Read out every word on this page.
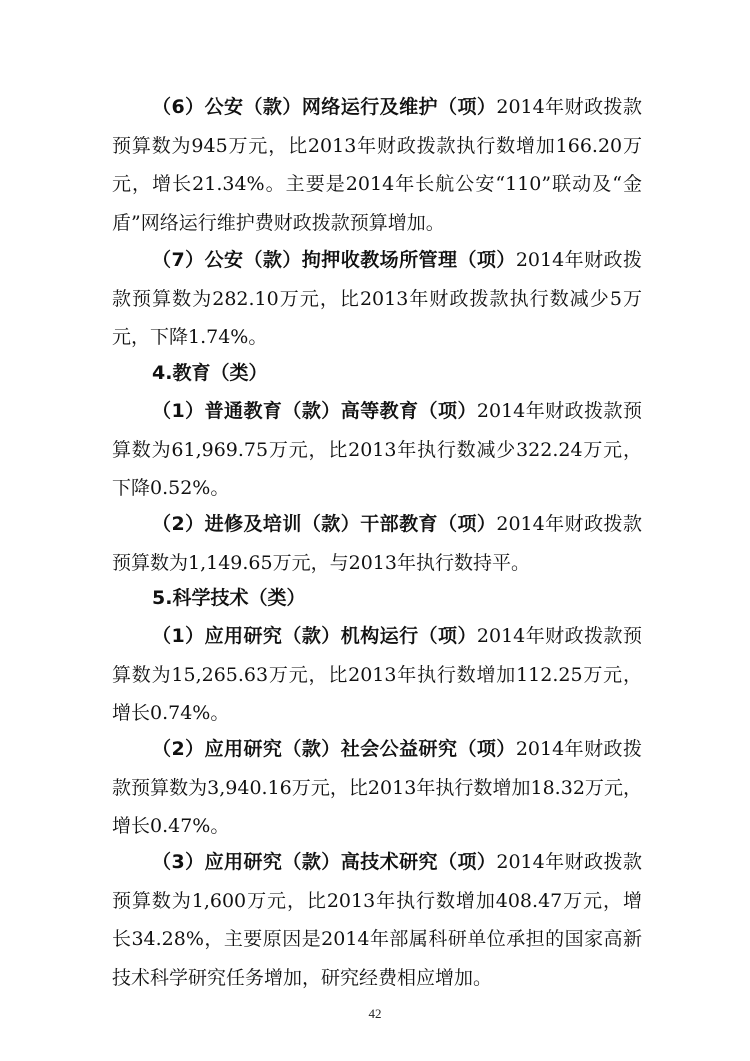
（6）公安（款）网络运行及维护（项）2014年财政拨款预算数为945万元，比2013年财政拨款执行数增加166.20万元，增长21.34%。主要是2014年长航公安“110”联动及“金盾”网络运行维护费财政拨款预算增加。
（7）公安（款）拘押收教场所管理（项）2014年财政拨款预算数为282.10万元，比2013年财政拨款执行数减少5万元，下降1.74%。
4.教育（类）
（1）普通教育（款）高等教育（项）2014年财政拨款预算数为61,969.75万元，比2013年执行数减少322.24万元，下降0.52%。
（2）进修及培训（款）干部教育（项）2014年财政拨款预算数为1,149.65万元，与2013年执行数持平。
5.科学技术（类）
（1）应用研究（款）机构运行（项）2014年财政拨款预算数为15,265.63万元，比2013年执行数增加112.25万元，增长0.74%。
（2）应用研究（款）社会公益研究（项）2014年财政拨款预算数为3,940.16万元，比2013年执行数增加18.32万元，增长0.47%。
（3）应用研究（款）高技术研究（项）2014年财政拨款预算数为1,600万元，比2013年执行数增加408.47万元，增长34.28%，主要原因是2014年部属科研单位承担的国家高新技术科学研究任务增加，研究经费相应增加。
42
